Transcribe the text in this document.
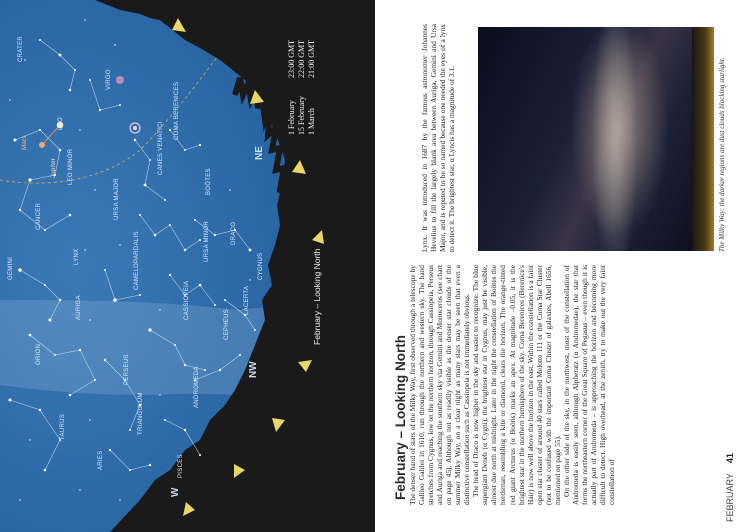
CRATER
VIRGO
LEO	COMA BERENICES
CANES VENATICI
BOÖTES
LEO MINOR
CANCER	URSA MAJOR
GEMINI
LYNX	CAMELOPARDALIS	URSA MINOR	DRACO
AURIGA	CASSIOPEIA
CYGNUS
LACERTA
CEPHEUS
ORION	PERSEUS
TAURUS	TRIANGULUM
ANDROMEDA
ARIES	PISCES
Mars
Jupiter
NE
NW
W
February – Looking North
1 February 15 February 1 March
23:00 GMT 22:00 GMT 21:00 GMT
February – Looking North The denser band of stars of the Milky Way, first observed through a telescope by Galileo Galilei in 1610, run through the northern and western sky. The band stretches from Cygnus, low on the northern horizon, through Cassiopeia, Perseus and Auriga and reaching the southern sky via Gemini and Monoceros (see chart on page 45). Although not as readily visible as the denser star clouds of the summer Milky Way, on a clear night as many stars may be seen that even a distinctive constellation such as Cassiopeia is not immediately obvious. The head of Draco is now higher in the sky and easier to recognize. The blue supergiant Deneb (α Cygni), the brightest star in Cygnus, may just be visible, almost due north at midnight. Later in the night the constellation of Boötes the herdsman, resembling a kite or diamond, clears the horizon. The orange-tinted red giant Arcturus (α Boötis) marks an apex. At magnitude –0.05, it is the brightest star in the northern hemisphere of the sky. Coma Berenices (Berenice's Hair) is now well above the horizon in the east. Within the constellation is a faint open star cluster of around 40 stars called Melotte 111 or the Coma Star Cluster (not to be confused with the important Coma Cluster of galaxies, Abell 1656, mentioned on page 55). On the other side of the sky, in the northwest, most of the constellation of Andromeda is easily seen, although Alpheratz (α Andromedae), the star that forms the northeastern corner of the Great Square of Pegasus – even though it is actually part of Andromeda – is approaching the horizon and becoming more difficult to detect. High overhead, at the zenith, try to make out the very faint constellation of

Lynx. It was introduced in 1687 by the famous astronomer Johannes Hevelius to fill the largely blank area between Auriga, Gemini and Ursa Major, and is reputed to be so named because one needed the eyes of a lynx to detect it. The brightest star, α Lyncis has a magnitude of 3.1.	The Milky Way: the darker regions are dust clouds blocking starlight.
FEBRUARY41
